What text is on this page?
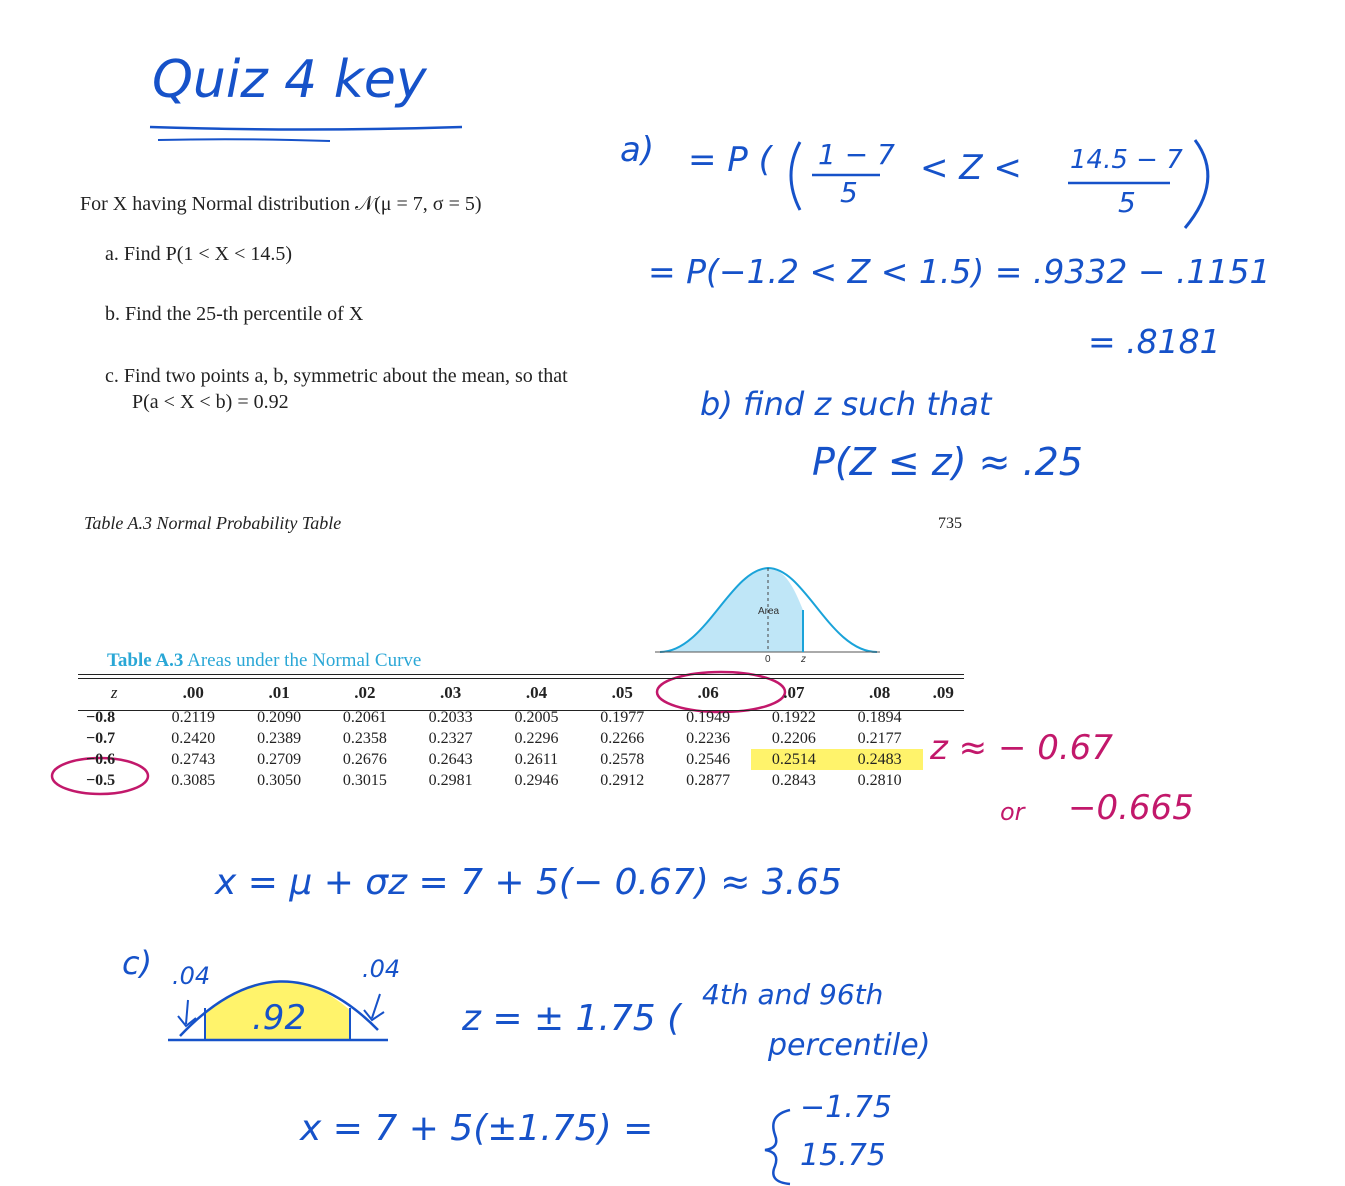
Quiz 4 key
For X having Normal distribution 𝒩(μ = 7, σ = 5)
a. Find P(1 < X < 14.5)
b. Find the 25-th percentile of X
c. Find two points a, b, symmetric about the mean, so that
P(a < X < b) = 0.92
a) = P ( 1 − 7
5
< Z < 14.5 − 7
5
= P(−1.2 < Z < 1.5) = .9332 − .1151
= .8181
b) find z such that
P(Z ≤ z) ≈ .25
Table A.3 Normal Probability Table	735
Area
0	z
Table A.3 Areas under the Normal Curve
z	.00	.01	.02	.03	.04	.05	.06	.07	.08	.09
−0.8	0.2119	0.2090	0.2061	0.2033	0.2005	0.1977	0.1949	0.1922	0.1894	
−0.7	0.2420	0.2389	0.2358	0.2327	0.2296	0.2266	0.2236	0.2206	0.2177	
−0.6	0.2743	0.2709	0.2676	0.2643	0.2611	0.2578	0.2546	0.2514	0.2483	
−0.5	0.3085	0.3050	0.3015	0.2981	0.2946	0.2912	0.2877	0.2843	0.2810	
z ≈ − 0.67
or −0.665
x = μ + σz = 7 + 5(− 0.67) ≈ 3.65
c) .04	.04
.92	z = ± 1.75 (
4th and 96th
percentile)
x = 7 + 5(±1.75) =
−1.75
15.75
